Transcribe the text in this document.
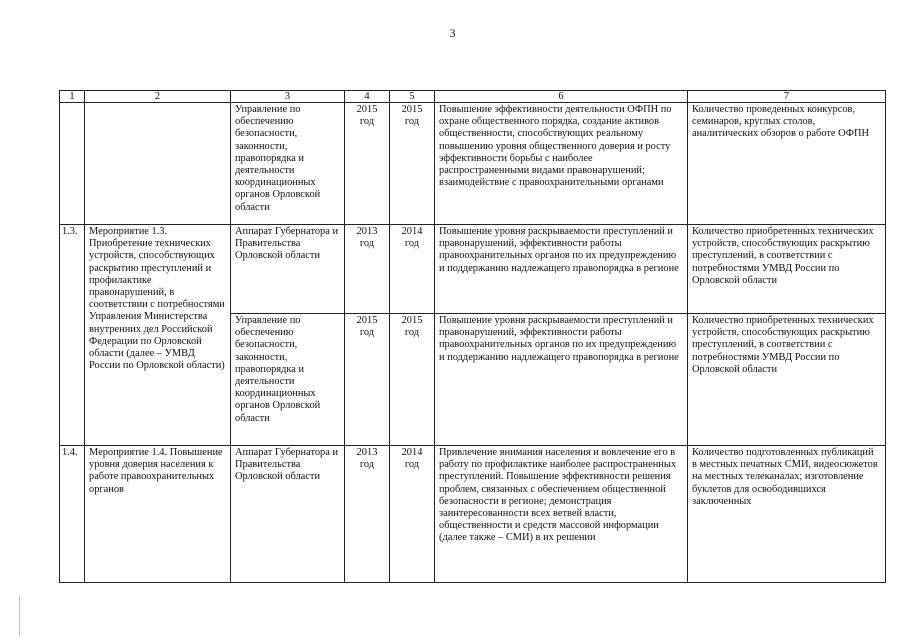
3
1	2	3	4	5	6	7
		Управление по обеспечению безопасности, законности, правопорядка и деятельности координационных органов Орловской области	2015 год	2015 год	Повышение эффективности деятельности ОФПН по охране общественного порядка, создание активов общественности, способствующих реальному повышению уровня общественного доверия и росту эффективности борьбы с наиболее распространенными видами правонарушений; взаимодействие с правоохранительными органами	Количество проведенных конкурсов, семинаров, круглых столов, аналитических обзоров о работе ОФПН
1.3.	Мероприятие 1.3. Приобретение технических устройств, способствующих раскрытию преступлений и профилактике правонарушений, в соответствии с потребностями Управления Министерства внутренних дел Российской Федерации по Орловской области (далее – УМВД России по Орловской области)	Аппарат Губернатора и Правительства Орловской области	2013 год	2014 год	Повышение уровня раскрываемости преступлений и правонарушений, эффективности работы правоохранительных органов по их предупреждению и поддержанию надлежащего правопорядка в регионе	Количество приобретенных технических устройств, способствующих раскрытию преступлений, в соответствии с потребностями УМВД России по Орловской области
		Управление по обеспечению безопасности, законности, правопорядка и деятельности координационных органов Орловской области	2015 год	2015 год	Повышение уровня раскрываемости преступлений и правонарушений, эффективности работы правоохранительных органов по их предупреждению и поддержанию надлежащего правопорядка в регионе	Количество приобретенных технических устройств, способствующих раскрытию преступлений, в соответствии с потребностями УМВД России по Орловской области
1.4.	Мероприятие 1.4. Повышение уровня доверия населения к работе правоохранительных органов	Аппарат Губернатора и Правительства Орловской области	2013 год	2014 год	Привлечение внимания населения и вовлечение его в работу по профилактике наиболее распространенных преступлений. Повышение эффективности решения проблем, связанных с обеспечением общественной безопасности в регионе; демонстрация заинтересованности всех ветвей власти, общественности и средств массовой информации (далее также – СМИ) в их решении	Количество подготовленных публикаций в местных печатных СМИ, видеосюжетов на местных телеканалах; изготовление буклетов для освободившихся заключенных
